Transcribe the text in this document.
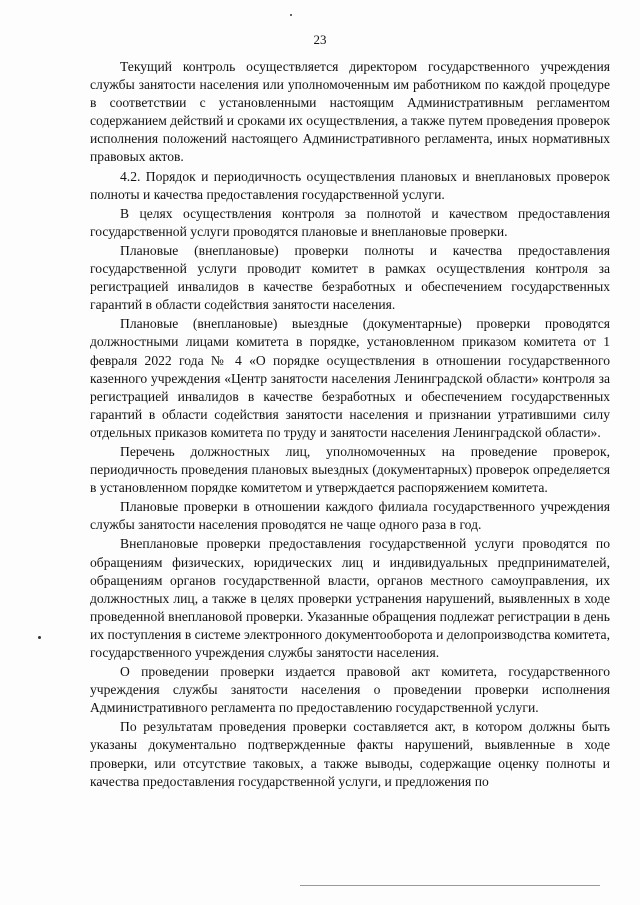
23

Текущий контроль осуществляется директором государственного учреждения службы занятости населения или уполномоченным им работником по каждой процедуре в соответствии с установленными настоящим Административным регламентом содержанием действий и сроками их осуществления, а также путем проведения проверок исполнения положений настоящего Административного регламента, иных нормативных правовых актов.

4.2. Порядок и периодичность осуществления плановых и внеплановых проверок полноты и качества предоставления государственной услуги.

В целях осуществления контроля за полнотой и качеством предоставления государственной услуги проводятся плановые и внеплановые проверки.

Плановые (внеплановые) проверки полноты и качества предоставления государственной услуги проводит комитет в рамках осуществления контроля за регистрацией инвалидов в качестве безработных и обеспечением государственных гарантий в области содействия занятости населения.

Плановые (внеплановые) выездные (документарные) проверки проводятся должностными лицами комитета в порядке, установленном приказом комитета от 1 февраля 2022 года № 4 «О порядке осуществления в отношении государственного казенного учреждения «Центр занятости населения Ленинградской области» контроля за регистрацией инвалидов в качестве безработных и обеспечением государственных гарантий в области содействия занятости населения и признании утратившими силу отдельных приказов комитета по труду и занятости населения Ленинградской области».

Перечень должностных лиц, уполномоченных на проведение проверок, периодичность проведения плановых выездных (документарных) проверок определяется в установленном порядке комитетом и утверждается распоряжением комитета.

Плановые проверки в отношении каждого филиала государственного учреждения службы занятости населения проводятся не чаще одного раза в год.

Внеплановые проверки предоставления государственной услуги проводятся по обращениям физических, юридических лиц и индивидуальных предпринимателей, обращениям органов государственной власти, органов местного самоуправления, их должностных лиц, а также в целях проверки устранения нарушений, выявленных в ходе проведенной внеплановой проверки. Указанные обращения подлежат регистрации в день их поступления в системе электронного документооборота и делопроизводства комитета, государственного учреждения службы занятости населения.

О проведении проверки издается правовой акт комитета, государственного учреждения службы занятости населения о проведении проверки исполнения Административного регламента по предоставлению государственной услуги.

По результатам проведения проверки составляется акт, в котором должны быть указаны документально подтвержденные факты нарушений, выявленные в ходе проверки, или отсутствие таковых, а также выводы, содержащие оценку полноты и качества предоставления государственной услуги, и предложения по
